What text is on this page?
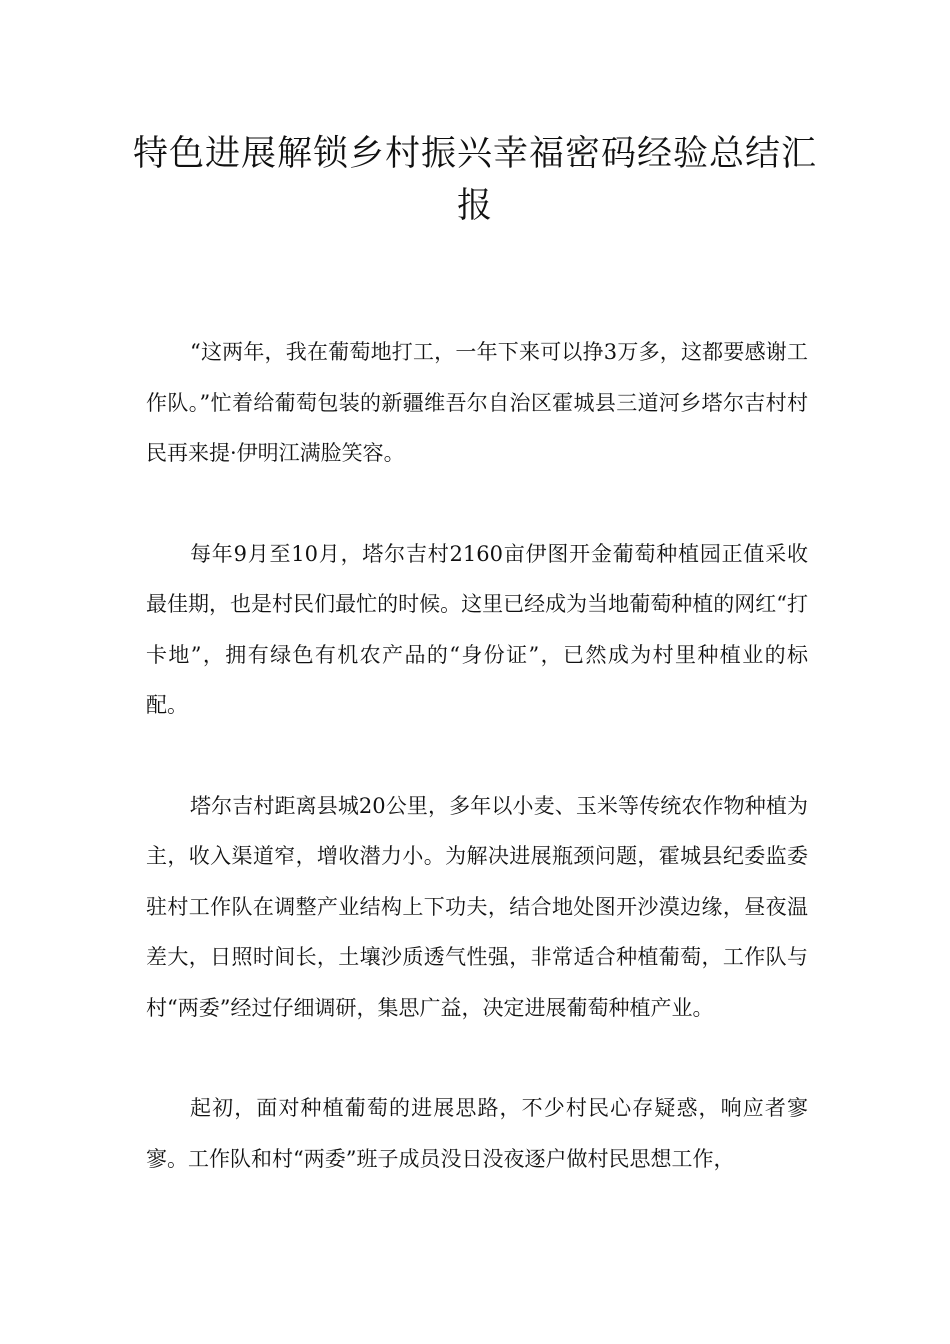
特色进展解锁乡村振兴幸福密码经验总结汇报

“这两年，我在葡萄地打工，一年下来可以挣3万多，这都要感谢工作队。”忙着给葡萄包装的新疆维吾尔自治区霍城县三道河乡塔尔吉村村民再来提·伊明江满脸笑容。

每年9月至10月，塔尔吉村2160亩伊图开金葡萄种植园正值采收最佳期，也是村民们最忙的时候。这里已经成为当地葡萄种植的网红“打卡地”，拥有绿色有机农产品的“身份证”，已然成为村里种植业的标配。

塔尔吉村距离县城20公里，多年以小麦、玉米等传统农作物种植为主，收入渠道窄，增收潜力小。为解决进展瓶颈问题，霍城县纪委监委驻村工作队在调整产业结构上下功夫，结合地处图开沙漠边缘，昼夜温差大，日照时间长，土壤沙质透气性强，非常适合种植葡萄，工作队与村“两委”经过仔细调研，集思广益，决定进展葡萄种植产业。

起初，面对种植葡萄的进展思路，不少村民心存疑惑，响应者寥寥。工作队和村“两委”班子成员没日没夜逐户做村民思想工作，
